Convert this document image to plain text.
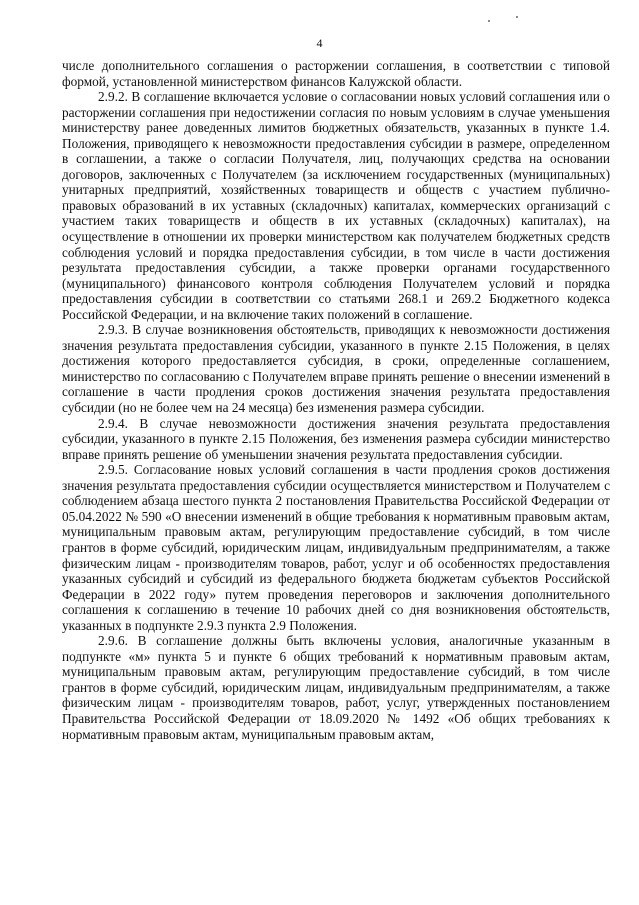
4

числе дополнительного соглашения о расторжении соглашения, в соответствии с типовой формой, установленной министерством финансов Калужской области.

2.9.2. В соглашение включается условие о согласовании новых условий соглашения или о расторжении соглашения при недостижении согласия по новым условиям в случае уменьшения министерству ранее доведенных лимитов бюджетных обязательств, указанных в пункте 1.4. Положения, приводящего к невозможности предоставления субсидии в размере, определенном в соглашении, а также о согласии Получателя, лиц, получающих средства на основании договоров, заключенных с Получателем (за исключением государственных (муниципальных) унитарных предприятий, хозяйственных товариществ и обществ с участием публично-правовых образований в их уставных (складочных) капиталах, коммерческих организаций с участием таких товариществ и обществ в их уставных (складочных) капиталах), на осуществление в отношении их проверки министерством как получателем бюджетных средств соблюдения условий и порядка предоставления субсидии, в том числе в части достижения результата предоставления субсидии, а также проверки органами государственного (муниципального) финансового контроля соблюдения Получателем условий и порядка предоставления субсидии в соответствии со статьями 268.1 и 269.2 Бюджетного кодекса Российской Федерации, и на включение таких положений в соглашение.

2.9.3. В случае возникновения обстоятельств, приводящих к невозможности достижения значения результата предоставления субсидии, указанного в пункте 2.15 Положения, в целях достижения которого предоставляется субсидия, в сроки, определенные соглашением, министерство по согласованию с Получателем вправе принять решение о внесении изменений в соглашение в части продления сроков достижения значения результата предоставления субсидии (но не более чем на 24 месяца) без изменения размера субсидии.

2.9.4. В случае невозможности достижения значения результата предоставления субсидии, указанного в пункте 2.15 Положения, без изменения размера субсидии министерство вправе принять решение об уменьшении значения результата предоставления субсидии.

2.9.5. Согласование новых условий соглашения в части продления сроков достижения значения результата предоставления субсидии осуществляется министерством и Получателем с соблюдением абзаца шестого пункта 2 постановления Правительства Российской Федерации от 05.04.2022 № 590 «О внесении изменений в общие требования к нормативным правовым актам, муниципальным правовым актам, регулирующим предоставление субсидий, в том числе грантов в форме субсидий, юридическим лицам, индивидуальным предпринимателям, а также физическим лицам - производителям товаров, работ, услуг и об особенностях предоставления указанных субсидий и субсидий из федерального бюджета бюджетам субъектов Российской Федерации в 2022 году» путем проведения переговоров и заключения дополнительного соглашения к соглашению в течение 10 рабочих дней со дня возникновения обстоятельств, указанных в подпункте 2.9.3 пункта 2.9 Положения.

2.9.6. В соглашение должны быть включены условия, аналогичные указанным в подпункте «м» пункта 5 и пункте 6 общих требований к нормативным правовым актам, муниципальным правовым актам, регулирующим предоставление субсидий, в том числе грантов в форме субсидий, юридическим лицам, индивидуальным предпринимателям, а также физическим лицам - производителям товаров, работ, услуг, утвержденных постановлением Правительства Российской Федерации от 18.09.2020 № 1492 «Об общих требованиях к нормативным правовым актам, муниципальным правовым актам,
